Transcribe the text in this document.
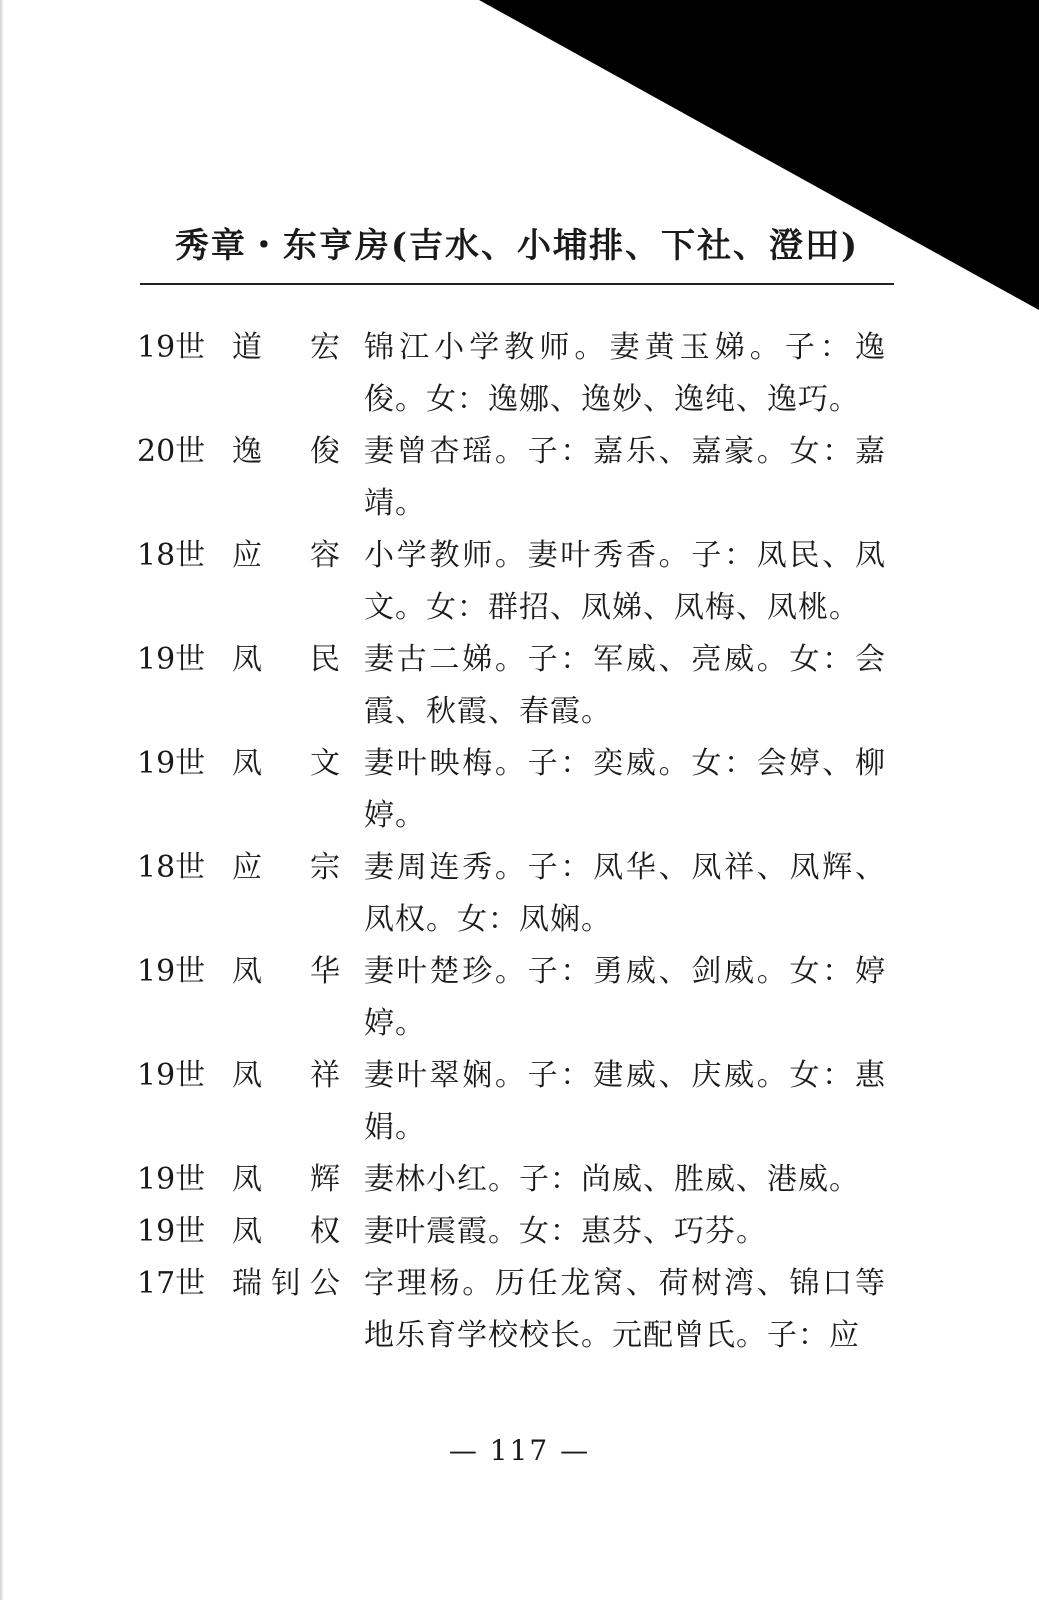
秀章・东亨房(吉水、小埔排、下社、澄田)
19世 道 宏 锦江小学教师。妻黄玉娣。子：逸俊。女：逸娜、逸妙、逸纯、逸巧。
20世 逸 俊 妻曾杏瑶。子：嘉乐、嘉豪。女：嘉靖。
18世 应 容 小学教师。妻叶秀香。子：凤民、凤文。女：群招、凤娣、凤梅、凤桃。
19世 凤 民 妻古二娣。子：军威、亮威。女：会霞、秋霞、春霞。
19世 凤 文 妻叶映梅。子：奕威。女：会婷、柳婷。
18世 应 宗 妻周连秀。子：凤华、凤祥、凤辉、凤权。女：凤娴。
19世 凤 华 妻叶楚珍。子：勇威、剑威。女：婷婷。
19世 凤 祥 妻叶翠娴。子：建威、庆威。女：惠娟。
19世 凤 辉 妻林小红。子：尚威、胜威、港威。
19世 凤 权 妻叶震霞。女：惠芬、巧芬。
17世 瑞钊公 字理杨。历任龙窝、荷树湾、锦口等地乐育学校校长。元配曾氏。子：应
— 117 —
